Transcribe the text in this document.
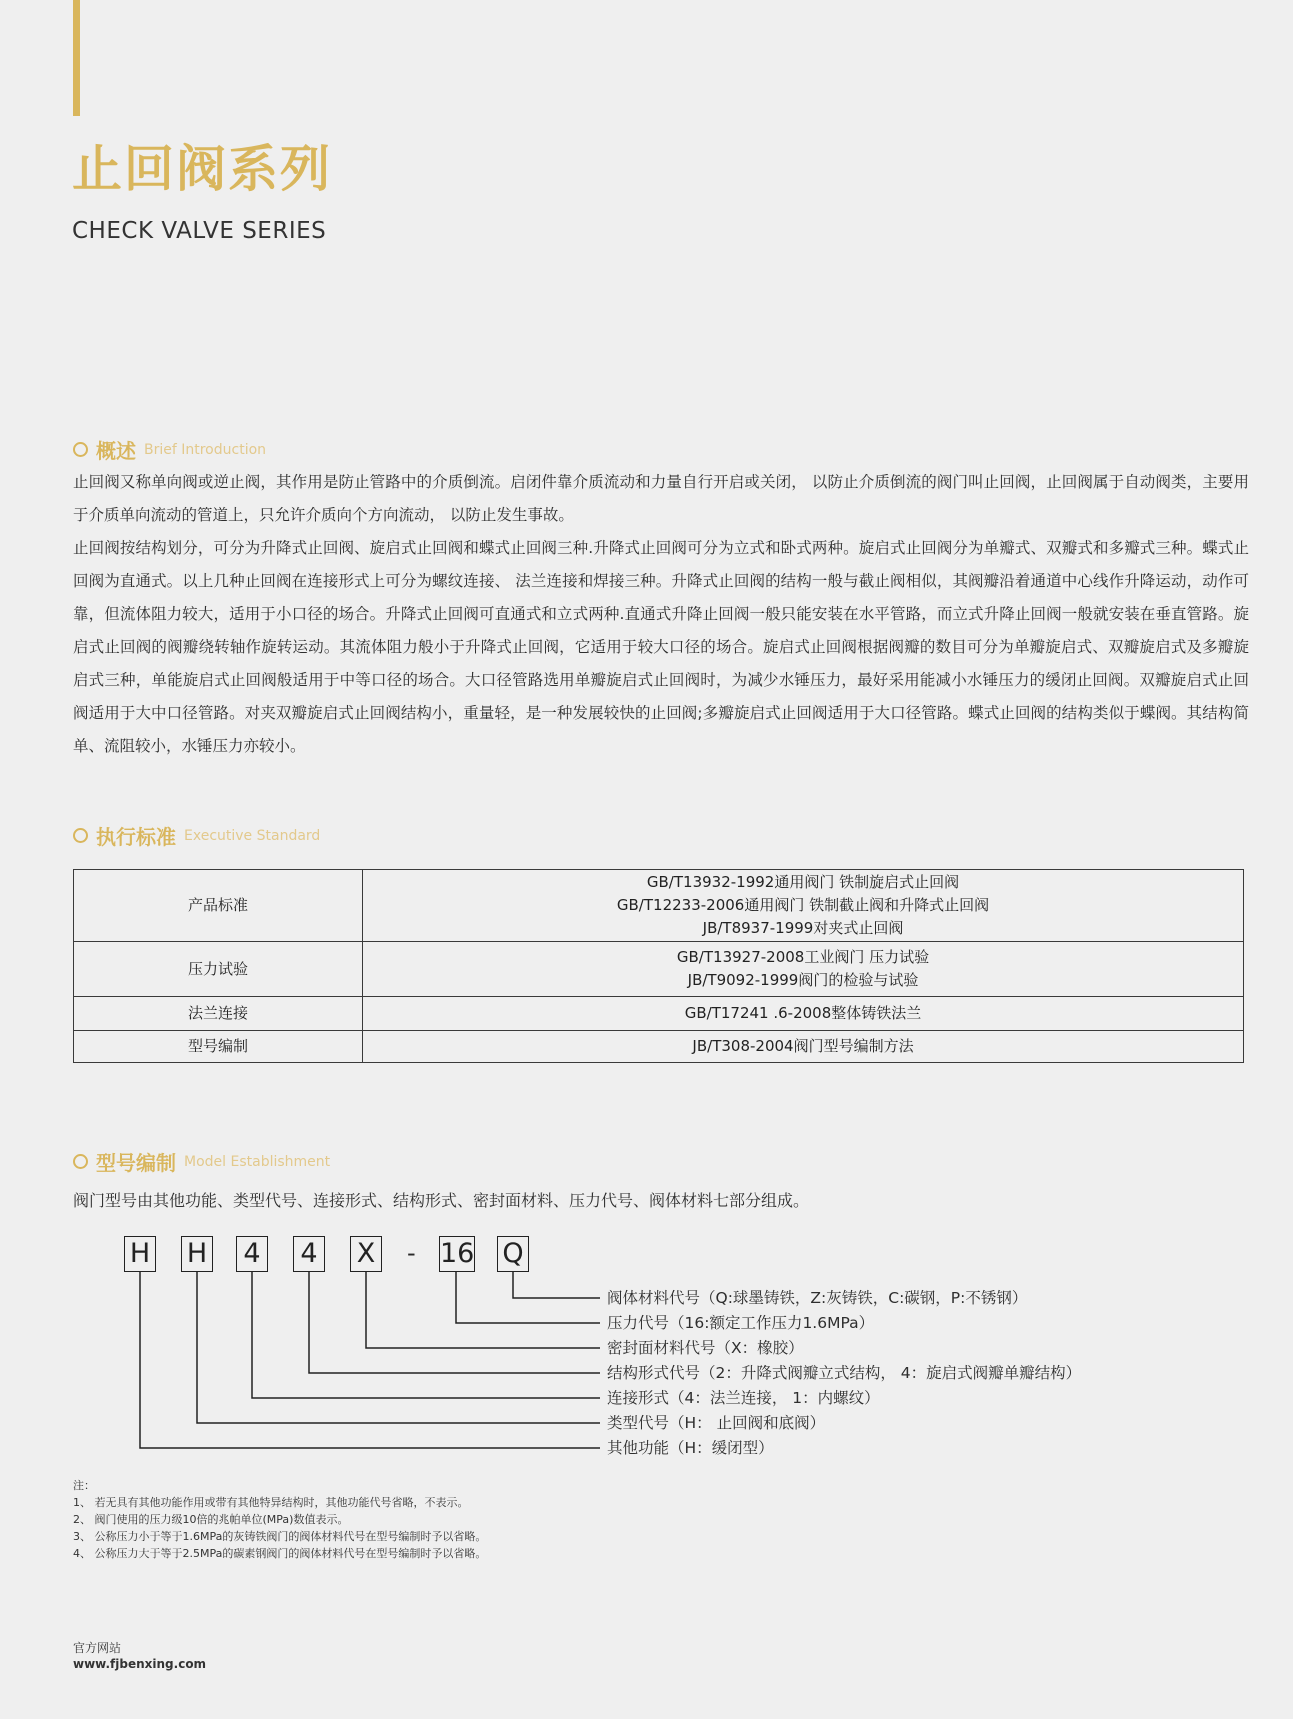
止回阀系列
CHECK VALVE SERIES
概述 Brief Introduction

止回阀又称单向阀或逆止阀，其作用是防止管路中的介质倒流。启闭件靠介质流动和力量自行开启或关闭， 以防止介质倒流的阀门叫止回阀，止回阀属于自动阀类，主要用于介质单向流动的管道上，只允许介质向个方向流动， 以防止发生事故。

止回阀按结构划分，可分为升降式止回阀、旋启式止回阀和蝶式止回阀三种.升降式止回阀可分为立式和卧式两种。旋启式止回阀分为单瓣式、双瓣式和多瓣式三种。蝶式止回阀为直通式。以上几种止回阀在连接形式上可分为螺纹连接、 法兰连接和焊接三种。升降式止回阀的结构一般与截止阀相似，其阀瓣沿着通道中心线作升降运动，动作可靠，但流体阻力较大，适用于小口径的场合。升降式止回阀可直通式和立式两种.直通式升降止回阀一般只能安装在水平管路，而立式升降止回阀一般就安装在垂直管路。旋启式止回阀的阀瓣绕转轴作旋转运动。其流体阻力般小于升降式止回阀，它适用于较大口径的场合。旋启式止回阀根据阀瓣的数目可分为单瓣旋启式、双瓣旋启式及多瓣旋启式三种，单能旋启式止回阀般适用于中等口径的场合。大口径管路选用单瓣旋启式止回阀时，为减少水锤压力，最好采用能减小水锤压力的缓闭止回阀。双瓣旋启式止回阀适用于大中口径管路。对夹双瓣旋启式止回阀结构小，重量轻，是一种发展较快的止回阀;多瓣旋启式止回阀适用于大口径管路。蝶式止回阀的结构类似于蝶阀。其结构简单、流阻较小，水锤压力亦较小。

执行标准 Executive Standard
产品标准	GB/T13932-1992通用阀门 铁制旋启式止回阀
GB/T12233-2006通用阀门 铁制截止阀和升降式止回阀
JB/T8937-1999对夹式止回阀

压力试验	GB/T13927-2008工业阀门 压力试验
JB/T9092-1999阀门的检验与试验

法兰连接	GB/T17241 .6-2008整体铸铁法兰

型号编制	JB/T308-2004阀门型号编制方法
型号编制 Model Establishment
阀门型号由其他功能、类型代号、连接形式、结构形式、密封面材料、压力代号、阀体材料七部分组成。
H H 4 4 X - 16 Q
阀体材料代号（Q:球墨铸铁，Z:灰铸铁，C:碳钢，P:不锈钢）
压力代号（16:额定工作压力1.6MPa）
密封面材料代号（X：橡胶）
结构形式代号（2：升降式阀瓣立式结构， 4：旋启式阀瓣单瓣结构）
连接形式（4：法兰连接， 1：内螺纹）
类型代号（H： 止回阀和底阀）
其他功能（H：缓闭型）
注：
1、 若无具有其他功能作用或带有其他特异结构时，其他功能代号省略，不表示。
2、 阀门使用的压力级10倍的兆帕单位(MPa)数值表示。
3、 公称压力小于等于1.6MPa的灰铸铁阀门的阀体材料代号在型号编制时予以省略。
4、 公称压力大于等于2.5MPa的碳素钢阀门的阀体材料代号在型号编制时予以省略。
官方网站
www.fjbenxing.com
